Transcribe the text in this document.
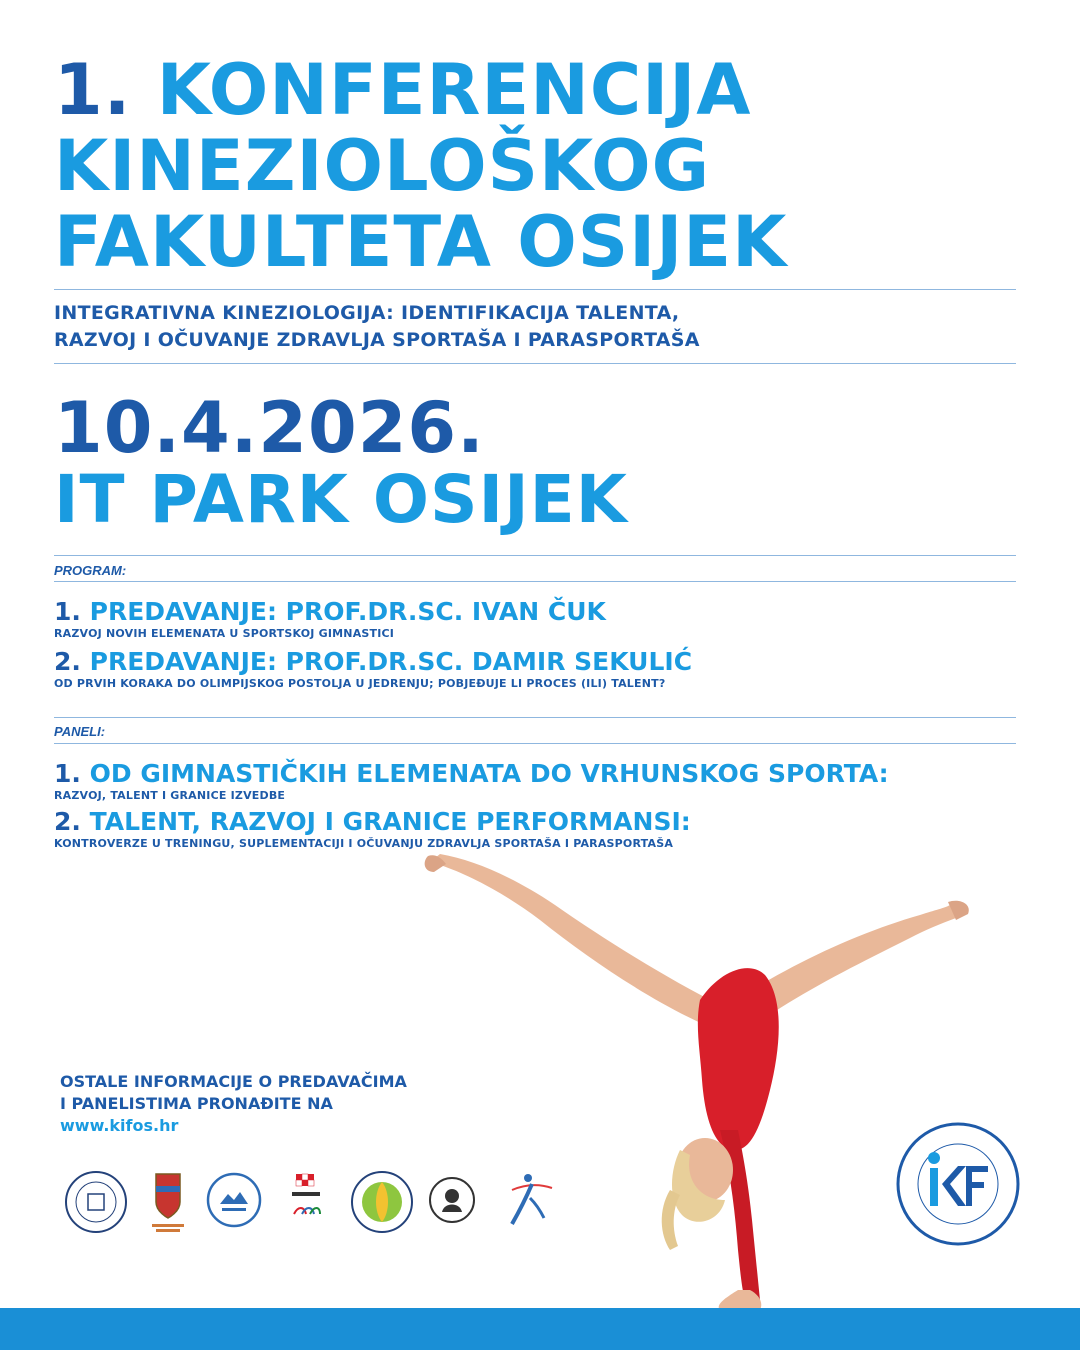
1. KONFERENCIJA
KINEZIOLOŠKOG
FAKULTETA OSIJEK
INTEGRATIVNA KINEZIOLOGIJA: IDENTIFIKACIJA TALENTA,
RAZVOJ I OČUVANJE ZDRAVLJA SPORTAŠA I PARASPORTAŠA
10.4.2026.
IT PARK OSIJEK
PROGRAM:
1. PREDAVANJE: PROF.DR.SC. IVAN ČUK
RAZVOJ NOVIH ELEMENATA U SPORTSKOJ GIMNASTICI
2. PREDAVANJE: PROF.DR.SC. DAMIR SEKULIĆ
OD PRVIH KORAKA DO OLIMPIJSKOG POSTOLJA U JEDRENJU; POBJEĐUJE LI PROCES (ILI) TALENT?
PANELI:
1. OD GIMNASTIČKIH ELEMENATA DO VRHUNSKOG SPORTA:
RAZVOJ, TALENT I GRANICE IZVEDBE
2. TALENT, RAZVOJ I GRANICE PERFORMANSI:
KONTROVERZE U TRENINGU, SUPLEMENTACIJI I OČUVANJU ZDRAVLJA SPORTAŠA I PARASPORTAŠA
OSTALE INFORMACIJE O PREDAVAČIMA
I PANELISTIMA PRONAĐITE NA
www.kifos.hr
